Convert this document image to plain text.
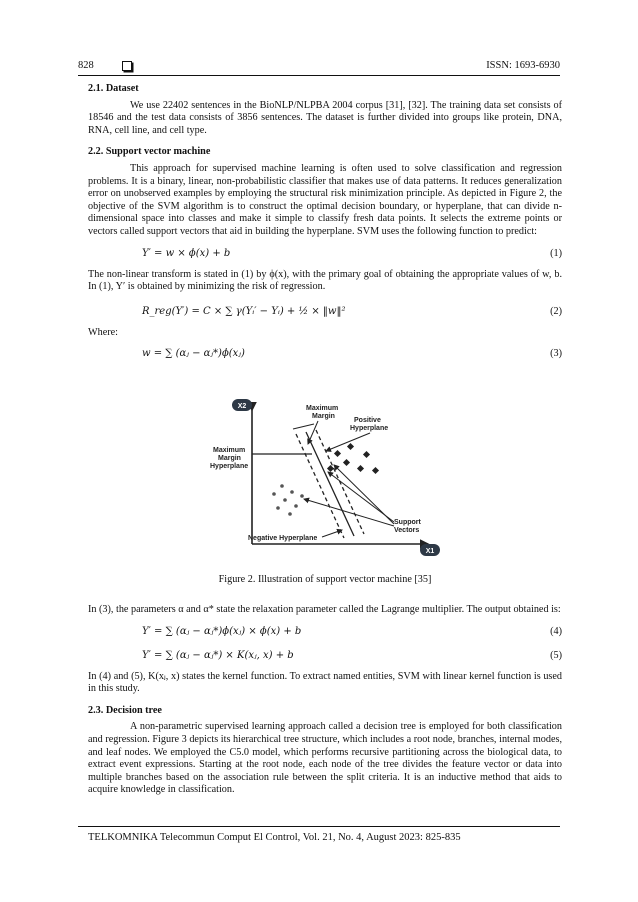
828	ISSN: 1693-6930
2.1. Dataset

We use 22402 sentences in the BioNLP/NLPBA 2004 corpus [31], [32]. The training data set consists of 18546 and the test data consists of 3856 sentences. The dataset is further divided into groups like protein, DNA, RNA, cell line, and cell type.

2.2. Support vector machine

This approach for supervised machine learning is often used to solve classification and regression problems. It is a binary, linear, non-probabilistic classifier that makes use of data patterns. It reduces generalization error on unobserved examples by employing the structural risk minimization principle. As depicted in Figure 2, the objective of the SVM algorithm is to construct the optimal decision boundary, or hyperplane, that can divide n-dimensional space into classes and make it simple to classify fresh data points. It selects the extreme points or vectors called support vectors that aid in building the hyperplane. SVM uses the following function to predict:

Y′ = w × ϕ(x) + b	(1)

The non-linear transform is stated in (1) by ϕ(x), with the primary goal of obtaining the appropriate values of w, b. In (1), Y′ is obtained by minimizing the risk of regression.

R_reg(Y′) = C × ∑ γ(Yᵢ′ − Yᵢ) + ½ × ‖w‖²	(2)

Where:

w = ∑ (αⱼ − αⱼ*)ϕ(xⱼ)	(3)
X2
X1
Maximum
Margin
Positive
Hyperplane
Maximum
Margin
Hyperplane
Support
Vectors
Negative Hyperplane
Figure 2. Illustration of support vector machine [35]

In (3), the parameters α and α* state the relaxation parameter called the Lagrange multiplier. The output obtained is:

Y′ = ∑ (αⱼ − αⱼ*)ϕ(xⱼ) × ϕ(x) + b	(4)
Y′ = ∑ (αⱼ − αⱼ*) × K(xⱼ, x) + b	(5)

In (4) and (5), K(xⱼ, x) states the kernel function. To extract named entities, SVM with linear kernel function is used in this study.

2.3. Decision tree

A non-parametric supervised learning approach called a decision tree is employed for both classification and regression. Figure 3 depicts its hierarchical tree structure, which includes a root node, branches, internal modes, and leaf nodes. We employed the C5.0 model, which performs recursive partitioning across the biological data, to extract event expressions. Starting at the root node, each node of the tree divides the feature vector or data into multiple branches based on the association rule between the split criteria. It is an inductive method that aids to acquire knowledge in classification.

TELKOMNIKA Telecommun Comput El Control, Vol. 21, No. 4, August 2023: 825-835
